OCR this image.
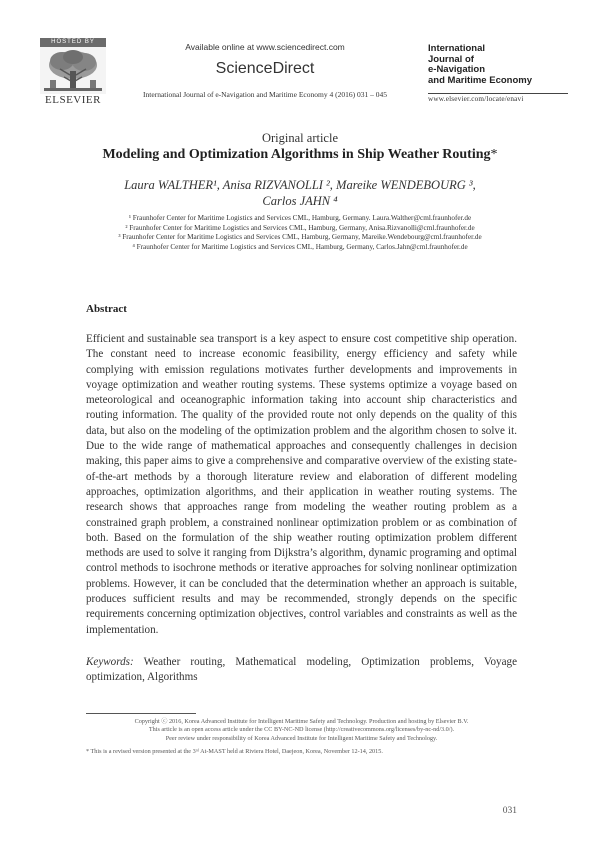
HOSTED BY
ELSEVIER
Available online at www.sciencedirect.com
ScienceDirect
International Journal of e-Navigation and Maritime Economy 4 (2016) 031 – 045
International
Journal of
e-Navigation
and Maritime Economy
www.elsevier.com/locate/enavi
Original article
Modeling and Optimization Algorithms in Ship Weather Routing*
Laura WALTHER¹, Anisa RIZVANOLLI ², Mareike WENDEBOURG ³,
Carlos JAHN ⁴
¹ Fraunhofer Center for Maritime Logistics and Services CML, Hamburg, Germany. Laura.Walther@cml.fraunhofer.de
² Fraunhofer Center for Maritime Logistics and Services CML, Hamburg, Germany, Anisa.Rizvanolli@cml.fraunhofer.de
³ Fraunhofer Center for Maritime Logistics and Services CML, Hamburg, Germany, Mareike.Wendebourg@cml.fraunhofer.de
⁴ Fraunhofer Center for Maritime Logistics and Services CML, Hamburg, Germany, Carlos.Jahn@cml.fraunhofer.de
Abstract
Efficient and sustainable sea transport is a key aspect to ensure cost competitive ship operation. The constant need to increase economic feasibility, energy efficiency and safety while complying with emission regulations motivates further developments and improvements in voyage optimization and weather routing systems. These systems optimize a voyage based on meteorological and oceanographic information taking into account ship characteristics and routing information. The quality of the provided route not only depends on the quality of this data, but also on the modeling of the optimization problem and the algorithm chosen to solve it. Due to the wide range of mathematical approaches and consequently challenges in decision making, this paper aims to give a comprehensive and comparative overview of the existing state-of-the-art methods by a thorough literature review and elaboration of different modeling approaches, optimization algorithms, and their application in weather routing systems. The research shows that approaches range from modeling the weather routing problem as a constrained graph problem, a constrained nonlinear optimization problem or as combination of both. Based on the formulation of the ship weather routing optimization problem different methods are used to solve it ranging from Dijkstra’s algorithm, dynamic programing and optimal control methods to isochrone methods or iterative approaches for solving nonlinear optimization problems. However, it can be concluded that the determination whether an approach is suitable, produces sufficient results and may be recommended, strongly depends on the specific requirements concerning optimization objectives, control variables and constraints as well as the implementation.
Keywords: Weather routing, Mathematical modeling, Optimization problems, Voyage optimization, Algorithms
Copyright ⓒ 2016, Korea Advanced Institute for Intelligent Maritime Safety and Technology. Production and hosting by Elsevier B.V.
This article is an open access article under the CC BY-NC-ND license (http://creativecommons.org/licenses/by-nc-nd/3.0/).
Peer review under responsibility of Korea Advanced Institute for Intelligent Maritime Safety and Technology.
* This is a revised version presented at the 3ʳᵈ At-MAST held at Riviera Hotel, Daejeon, Korea, November 12-14, 2015.
031
